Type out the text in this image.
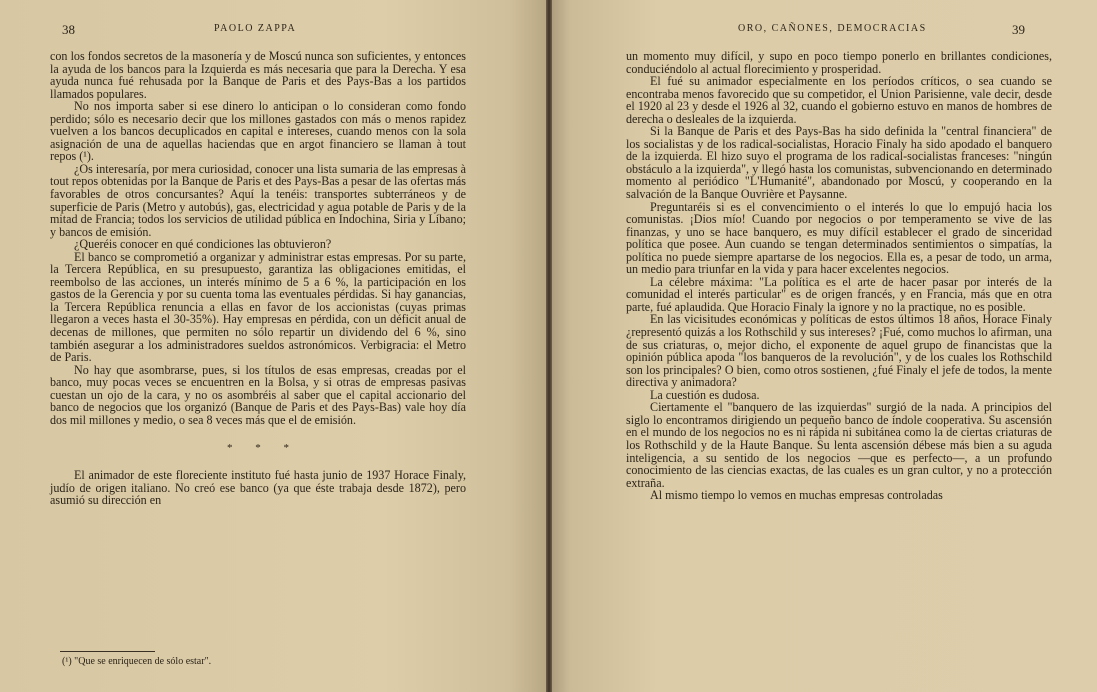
38	PAOLO ZAPPA

con los fondos secretos de la masonería y de Moscú nunca son suficientes, y entonces la ayuda de los bancos para la Izquierda es más necesaria que para la Derecha. Y esa ayuda nunca fué rehusada por la Banque de Paris et des Pays-Bas a los partidos llamados populares.

No nos importa saber si ese dinero lo anticipan o lo consideran como fondo perdido; sólo es necesario decir que los millones gastados con más o menos rapidez vuelven a los bancos decuplicados en capital e intereses, cuando menos con la sola asignación de una de aquellas haciendas que en argot financiero se llaman à tout repos (¹).

¿Os interesaría, por mera curiosidad, conocer una lista sumaria de las empresas à tout repos obtenidas por la Banque de Paris et des Pays-Bas a pesar de las ofertas más favorables de otros concursantes? Aquí la tenéis: transportes subterráneos y de superficie de Paris (Metro y autobús), gas, electricidad y agua potable de Paris y de la mitad de Francia; todos los servicios de utilidad pública en Indochina, Siria y Líbano; y bancos de emisión.

¿Queréis conocer en qué condiciones las obtuvieron?

El banco se comprometió a organizar y administrar estas empresas. Por su parte, la Tercera República, en su presupuesto, garantiza las obligaciones emitidas, el reembolso de las acciones, un interés mínimo de 5 a 6 %, la participación en los gastos de la Gerencia y por su cuenta toma las eventuales pérdidas. Si hay ganancias, la Tercera República renuncia a ellas en favor de los accionistas (cuyas primas llegaron a veces hasta el 30-35%). Hay empresas en pérdida, con un déficit anual de decenas de millones, que permiten no sólo repartir un dividendo del 6 %, sino también asegurar a los administradores sueldos astronómicos. Verbigracia: el Metro de Paris.

No hay que asombrarse, pues, si los títulos de esas empresas, creadas por el banco, muy pocas veces se encuentren en la Bolsa, y si otras de empresas pasivas cuestan un ojo de la cara, y no os asombréis al saber que el capital accionario del banco de negocios que los organizó (Banque de Paris et des Pays-Bas) vale hoy día dos mil millones y medio, o sea 8 veces más que el de emisión.

* * *

El animador de este floreciente instituto fué hasta junio de 1937 Horace Finaly, judío de origen italiano. No creó ese banco (ya que éste trabaja desde 1872), pero asumió su dirección en

(¹) "Que se enriquecen de sólo estar".
ORO, CAÑONES, DEMOCRACIAS	39

un momento muy difícil, y supo en poco tiempo ponerlo en brillantes condiciones, conduciéndolo al actual florecimiento y prosperidad.

El fué su animador especialmente en los períodos críticos, o sea cuando se encontraba menos favorecido que su competidor, el Union Parisienne, vale decir, desde el 1920 al 23 y desde el 1926 al 32, cuando el gobierno estuvo en manos de hombres de derecha o desleales de la izquierda.

Si la Banque de Paris et des Pays-Bas ha sido definida la "central financiera" de los socialistas y de los radical-socialistas, Horacio Finaly ha sido apodado el banquero de la izquierda. El hizo suyo el programa de los radical-socialistas franceses: "ningún obstáculo a la izquierda", y llegó hasta los comunistas, subvencionando en determinado momento al periódico "L'Humanité", abandonado por Moscú, y cooperando en la salvación de la Banque Ouvrière et Paysanne.

Preguntaréis si es el convencimiento o el interés lo que lo empujó hacia los comunistas. ¡Dios mío! Cuando por negocios o por temperamento se vive de las finanzas, y uno se hace banquero, es muy difícil establecer el grado de sinceridad política que posee. Aun cuando se tengan determinados sentimientos o simpatías, la política no puede siempre apartarse de los negocios. Ella es, a pesar de todo, un arma, un medio para triunfar en la vida y para hacer excelentes negocios.

La célebre máxima: "La política es el arte de hacer pasar por interés de la comunidad el interés particular" es de origen francés, y en Francia, más que en otra parte, fué aplaudida. Que Horacio Finaly la ignore y no la practique, no es posible.

En las vicisitudes económicas y políticas de estos últimos 18 años, Horace Finaly ¿representó quizás a los Rothschild y sus intereses? ¡Fué, como muchos lo afirman, una de sus criaturas, o, mejor dicho, el exponente de aquel grupo de financistas que la opinión pública apoda "los banqueros de la revolución", y de los cuales los Rothschild son los principales? O bien, como otros sostienen, ¿fué Finaly el jefe de todos, la mente directiva y animadora?

La cuestión es dudosa.

Ciertamente el "banquero de las izquierdas" surgió de la nada. A principios del siglo lo encontramos dirigiendo un pequeño banco de índole cooperativa. Su ascensión en el mundo de los negocios no es ni rápida ni subitánea como la de ciertas criaturas de los Rothschild y de la Haute Banque. Su lenta ascensión débese más bien a su aguda inteligencia, a su sentido de los negocios —que es perfecto—, a un profundo conocimiento de las ciencias exactas, de las cuales es un gran cultor, y no a protección extraña.

Al mismo tiempo lo vemos en muchas empresas controladas
